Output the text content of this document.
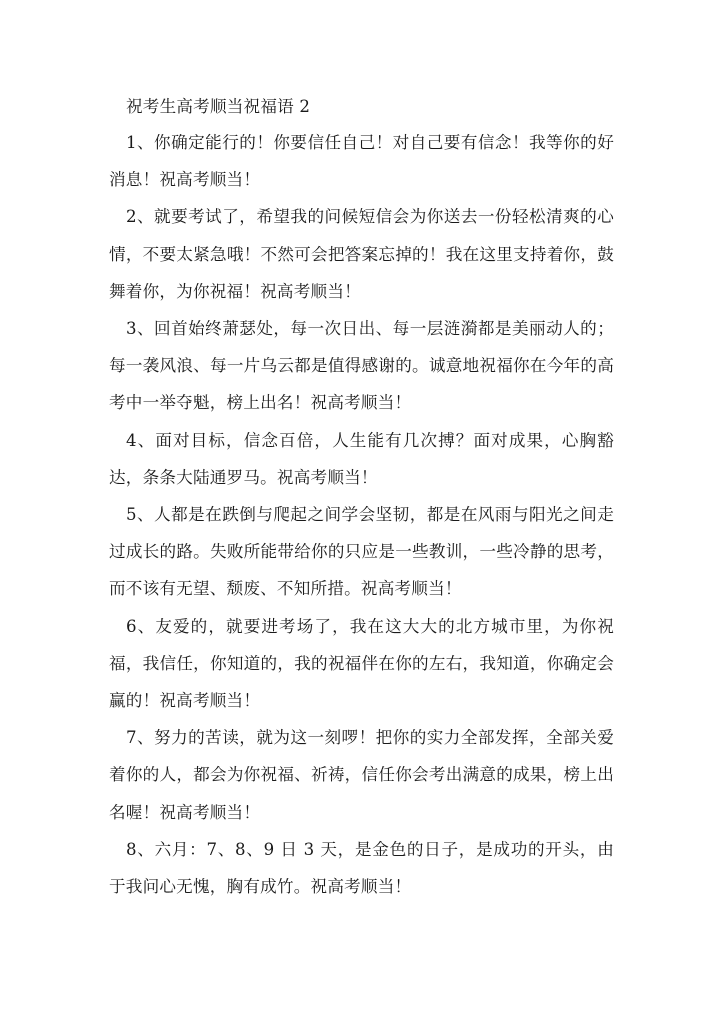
祝考生高考顺当祝福语 2

1、你确定能行的！你要信任自己！对自己要有信念！我等你的好消息！祝高考顺当！

2、就要考试了，希望我的问候短信会为你送去一份轻松清爽的心情，不要太紧急哦！不然可会把答案忘掉的！我在这里支持着你，鼓舞着你，为你祝福！祝高考顺当！

3、回首始终萧瑟处，每一次日出、每一层涟漪都是美丽动人的；每一袭风浪、每一片乌云都是值得感谢的。诚意地祝福你在今年的高考中一举夺魁，榜上出名！祝高考顺当！

4、面对目标，信念百倍，人生能有几次搏？面对成果，心胸豁达，条条大陆通罗马。祝高考顺当！

5、人都是在跌倒与爬起之间学会坚韧，都是在风雨与阳光之间走过成长的路。失败所能带给你的只应是一些教训，一些冷静的思考，而不该有无望、颓废、不知所措。祝高考顺当！

6、友爱的，就要进考场了，我在这大大的北方城市里，为你祝福，我信任，你知道的，我的祝福伴在你的左右，我知道，你确定会赢的！祝高考顺当！

7、努力的苦读，就为这一刻啰！把你的实力全部发挥，全部关爱着你的人，都会为你祝福、祈祷，信任你会考出满意的成果，榜上出名喔！祝高考顺当！

8、六月：7、8、9 日 3 天，是金色的日子，是成功的开头，由于我问心无愧，胸有成竹。祝高考顺当！
